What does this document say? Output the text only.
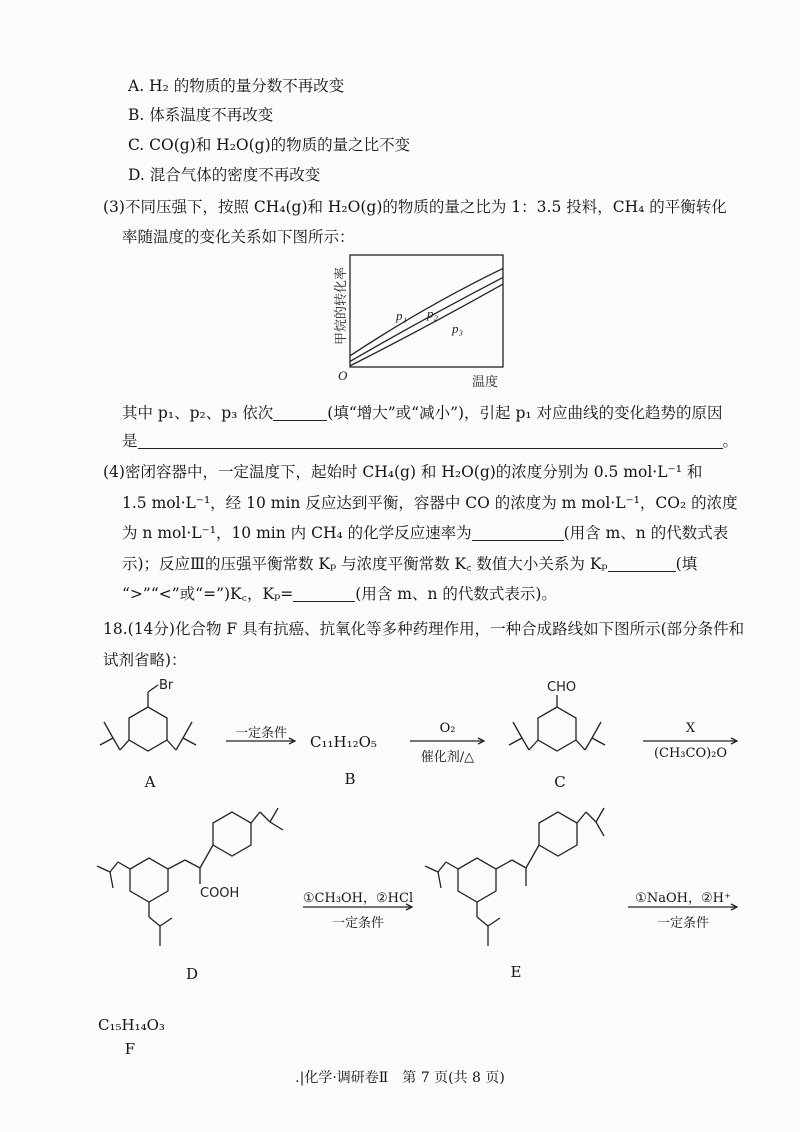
A. H₂ 的物质的量分数不再改变
B. 体系温度不再改变
C. CO(g)和 H₂O(g)的物质的量之比不变
D. 混合气体的密度不再改变
(3)不同压强下，按照 CH₄(g)和 H₂O(g)的物质的量之比为 1：3.5 投料，CH₄ 的平衡转化
率随温度的变化关系如下图所示：
O	温度
甲烷的转化率	p₁ p₂
p₃
其中 p₁、p₂、p₃ 依次	(填“增大”或“减小”)，引起 p₁ 对应曲线的变化趋势的原因
是	。
(4)密闭容器中，一定温度下，起始时 CH₄(g) 和 H₂O(g)的浓度分别为 0.5 mol·L⁻¹ 和
1.5 mol·L⁻¹，经 10 min 反应达到平衡，容器中 CO 的浓度为 m mol·L⁻¹，CO₂ 的浓度
为 n mol·L⁻¹，10 min 内 CH₄ 的化学反应速率为	(用含 m、n 的代数式表
示)；反应Ⅲ的压强平衡常数 Kₚ 与浓度平衡常数 K꜀ 数值大小关系为 Kₚ	(填
“>”“<”或“=”)K꜀，Kₚ=	(用含 m、n 的代数式表示)。
18.(14分)化合物 F 具有抗癌、抗氧化等多种药理作用，一种合成路线如下图所示(部分条件和
试剂省略)：
Br	CHO
COOH
一定条件	O₂
催化剂/△
X
(CH₃CO)₂O
①CH₃OH，②HCl
一定条件
①NaOH，②H⁺
一定条件
C₁₁H₁₂O₅
C₁₅H₁₄O₃
A	B	C
D	E
F
.|化学·调研卷Ⅱ　第 7 页(共 8 页)
